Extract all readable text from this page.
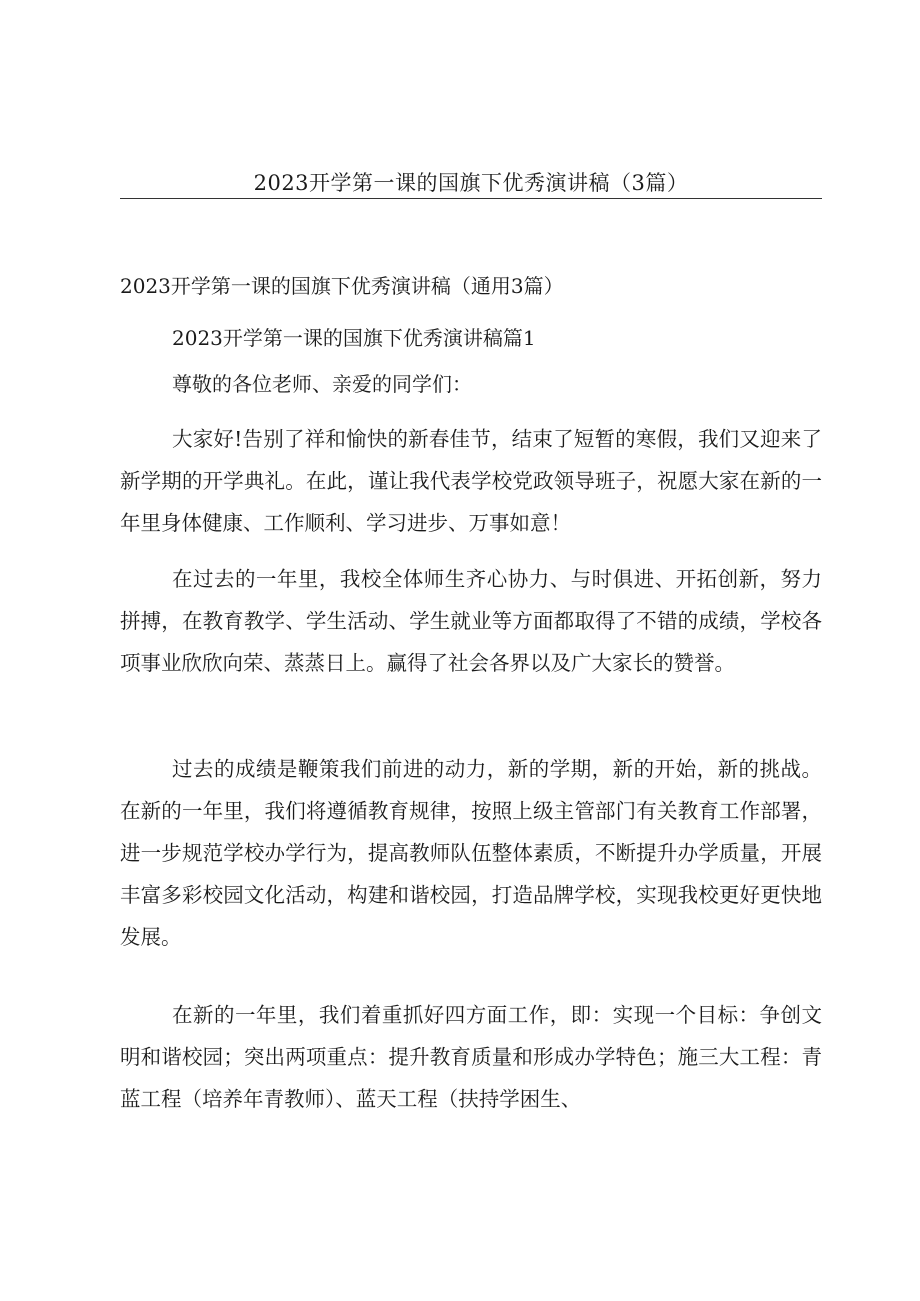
2023开学第一课的国旗下优秀演讲稿（3篇）
2023开学第一课的国旗下优秀演讲稿（通用3篇）
2023开学第一课的国旗下优秀演讲稿篇1
尊敬的各位老师、亲爱的同学们：
大家好!告别了祥和愉快的新春佳节，结束了短暂的寒假，我们又迎来了新学期的开学典礼。在此，谨让我代表学校党政领导班子，祝愿大家在新的一年里身体健康、工作顺利、学习进步、万事如意！
在过去的一年里，我校全体师生齐心协力、与时俱进、开拓创新，努力拼搏，在教育教学、学生活动、学生就业等方面都取得了不错的成绩，学校各项事业欣欣向荣、蒸蒸日上。赢得了社会各界以及广大家长的赞誉。
过去的成绩是鞭策我们前进的动力，新的学期，新的开始，新的挑战。在新的一年里，我们将遵循教育规律，按照上级主管部门有关教育工作部署，进一步规范学校办学行为，提高教师队伍整体素质，不断提升办学质量，开展丰富多彩校园文化活动，构建和谐校园，打造品牌学校，实现我校更好更快地发展。
在新的一年里，我们着重抓好四方面工作，即：实现一个目标：争创文明和谐校园；突出两项重点：提升教育质量和形成办学特色；施三大工程：青蓝工程（培养年青教师）、蓝天工程（扶持学困生、
